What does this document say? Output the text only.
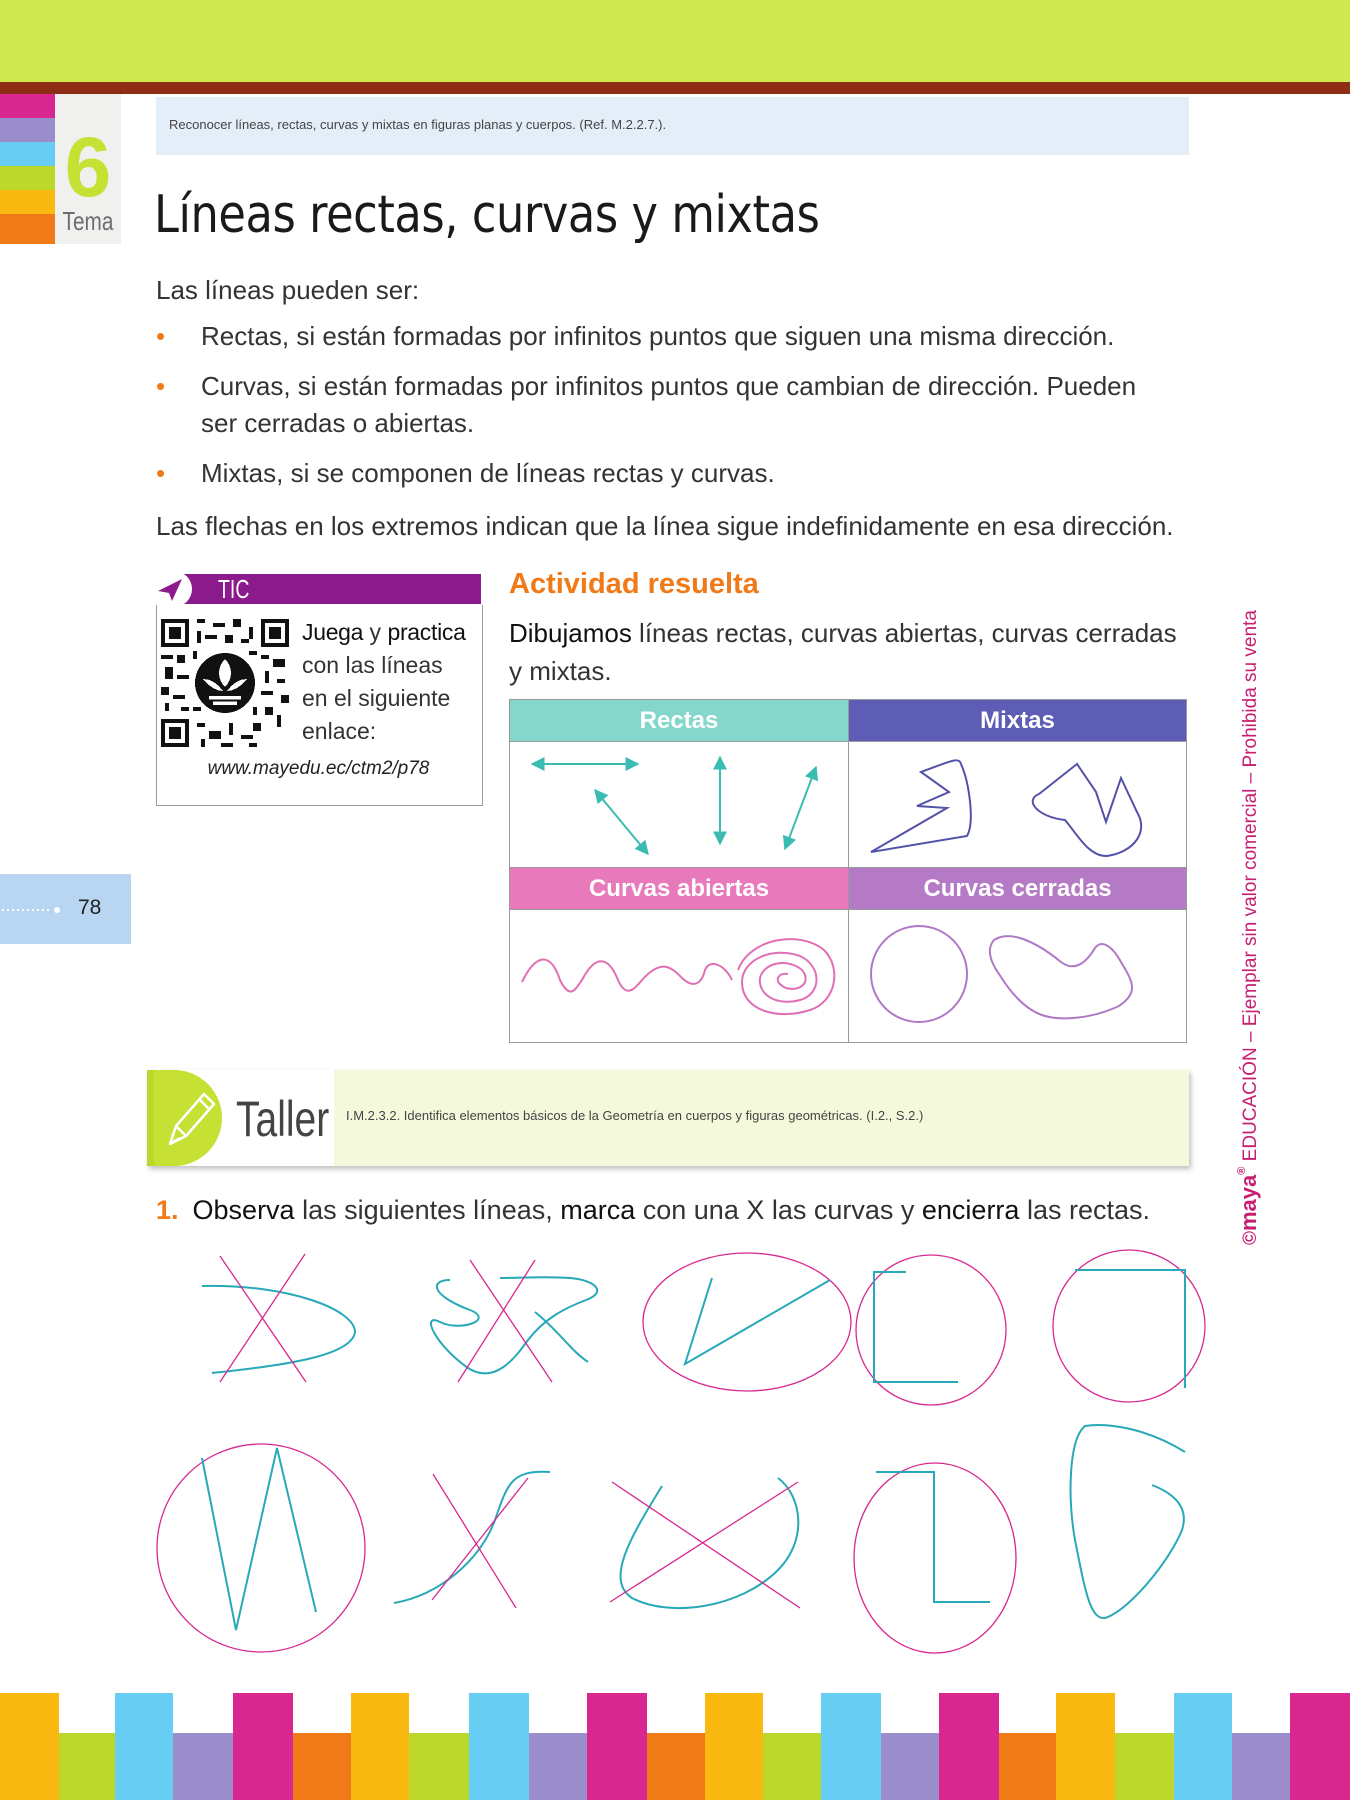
6
Tema
Reconocer líneas, rectas, curvas y mixtas en figuras planas y cuerpos. (Ref. M.2.2.7.).
Líneas rectas, curvas y mixtas
Las líneas pueden ser:
•	Rectas, si están formadas por infinitos puntos que siguen una misma dirección.
•	Curvas, si están formadas por infinitos puntos que cambian de dirección. Pueden
ser cerradas o abiertas.
•	Mixtas, si se componen de líneas rectas y curvas.
Las flechas en los extremos indican que la línea sigue indefinidamente en esa dirección.
TIC
Juega y practica
con las líneas
en el siguiente
enlace:
www.mayedu.ec/ctm2/p78
Actividad resuelta
Dibujamos líneas rectas, curvas abiertas, curvas cerradas
y mixtas.
Rectas	Mixtas
Curvas abiertas	Curvas cerradas
78
Taller I.M.2.3.2. Identifica elementos básicos de la Geometría en cuerpos y figuras geométricas. (I.2., S.2.)
1. Observa las siguientes líneas, marca con una X las curvas y encierra las rectas.
©maya® EDUCACIÓN – Ejemplar sin valor comercial – Prohibida su venta
